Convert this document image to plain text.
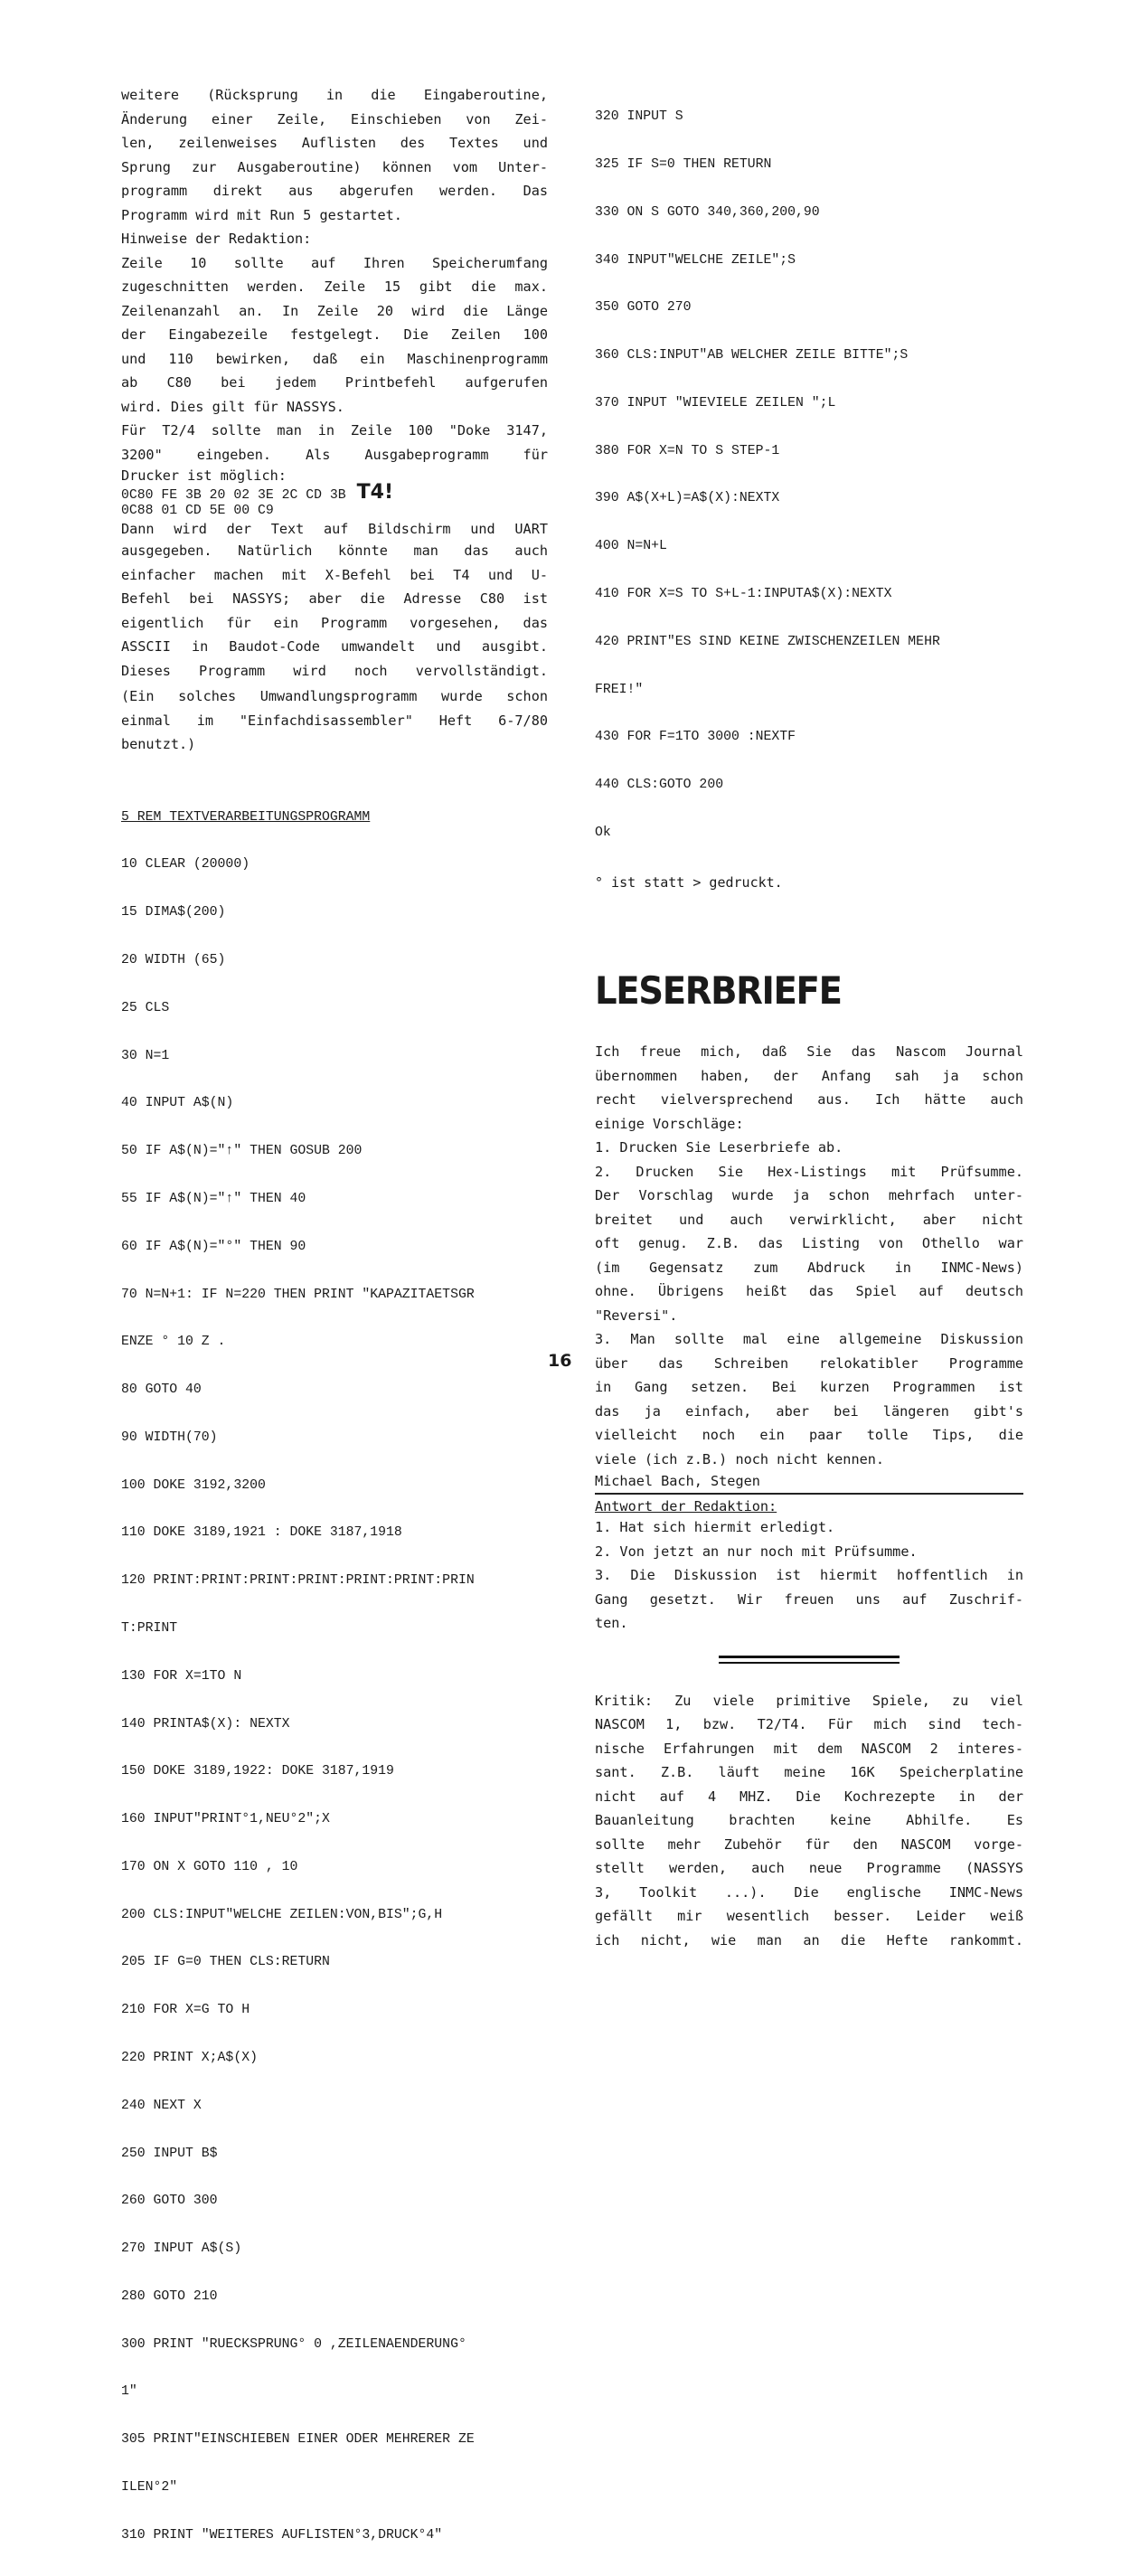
weitere (Rücksprung in die Eingaberoutine,

Änderung einer Zeile, Einschieben von Zei-

len, zeilenweises Auflisten des Textes und

Sprung zur Ausgaberoutine) können vom Unter-

programm direkt aus abgerufen werden. Das

Programm wird mit Run 5 gestartet.

Hinweise der Redaktion:

Zeile 10 sollte auf Ihren Speicherumfang

zugeschnitten werden. Zeile 15 gibt die max.

Zeilenanzahl an. In Zeile 20 wird die Länge

der Eingabezeile festgelegt. Die Zeilen 100

und 110 bewirken, daß ein Maschinenprogramm

ab C80 bei jedem Printbefehl aufgerufen

wird. Dies gilt für NASSYS.

Für T2/4 sollte man in Zeile 100 "Doke 3147,

3200" eingeben. Als Ausgabeprogramm für

Drucker ist möglich:

0C80 FE 3B 20 02 3E 2C CD 3B T4!
0C88 01 CD 5E 00 C9

Dann wird der Text auf Bildschirm und UART

ausgegeben. Natürlich könnte man das auch

einfacher machen mit X-Befehl bei T4 und U-

Befehl bei NASSYS; aber die Adresse C80 ist

eigentlich für ein Programm vorgesehen, das

ASSCII in Baudot-Code umwandelt und ausgibt.

Dieses Programm wird noch vervollständigt.

(Ein solches Umwandlungsprogramm wurde schon

einmal im "Einfachdisassembler" Heft 6-7/80

benutzt.)

5 REM TEXTVERARBEITUNGSPROGRAMM

10 CLEAR (20000)

15 DIMA$(200)

20 WIDTH (65)

25 CLS

30 N=1

40 INPUT A$(N)

50 IF A$(N)="↑" THEN GOSUB 200

55 IF A$(N)="↑" THEN 40

60 IF A$(N)="°" THEN 90

70 N=N+1: IF N=220 THEN PRINT "KAPAZITAETSGR

ENZE ° 10 Z .

80 GOTO 40

90 WIDTH(70)

100 DOKE 3192,3200

110 DOKE 3189,1921 : DOKE 3187,1918

120 PRINT:PRINT:PRINT:PRINT:PRINT:PRINT:PRIN

T:PRINT

130 FOR X=1TO N

140 PRINTA$(X): NEXTX

150 DOKE 3189,1922: DOKE 3187,1919

160 INPUT"PRINT°1,NEU°2";X

170 ON X GOTO 110 , 10

200 CLS:INPUT"WELCHE ZEILEN:VON,BIS";G,H

205 IF G=0 THEN CLS:RETURN

210 FOR X=G TO H

220 PRINT X;A$(X)

240 NEXT X

250 INPUT B$

260 GOTO 300

270 INPUT A$(S)

280 GOTO 210

300 PRINT "RUECKSPRUNG° 0 ,ZEILENAENDERUNG°

1"

305 PRINT"EINSCHIEBEN EINER ODER MEHRERER ZE

ILEN°2"

310 PRINT "WEITERES AUFLISTEN°3,DRUCK°4"

320 INPUT S

325 IF S=0 THEN RETURN

330 ON S GOTO 340,360,200,90

340 INPUT"WELCHE ZEILE";S

350 GOTO 270

360 CLS:INPUT"AB WELCHER ZEILE BITTE";S

370 INPUT "WIEVIELE ZEILEN ";L

380 FOR X=N TO S STEP-1

390 A$(X+L)=A$(X):NEXTX

400 N=N+L

410 FOR X=S TO S+L-1:INPUTA$(X):NEXTX

420 PRINT"ES SIND KEINE ZWISCHENZEILEN MEHR

FREI!"

430 FOR F=1TO 3000 :NEXTF

440 CLS:GOTO 200

Ok

° ist statt > gedruckt.

LESERBRIEFE

Ich freue mich, daß Sie das Nascom Journal

übernommen haben, der Anfang sah ja schon

recht vielversprechend aus. Ich hätte auch

einige Vorschläge:

1. Drucken Sie Leserbriefe ab.

2. Drucken Sie Hex-Listings mit Prüfsumme.

Der Vorschlag wurde ja schon mehrfach unter-

breitet und auch verwirklicht, aber nicht

oft genug. Z.B. das Listing von Othello war

(im Gegensatz zum Abdruck in INMC-News)

ohne. Übrigens heißt das Spiel auf deutsch

"Reversi".

3. Man sollte mal eine allgemeine Diskussion

über das Schreiben relokatibler Programme

in Gang setzen. Bei kurzen Programmen ist

das ja einfach, aber bei längeren gibt's

vielleicht noch ein paar tolle Tips, die

viele (ich z.B.) noch nicht kennen.

Michael Bach, Stegen

Antwort der Redaktion:

1. Hat sich hiermit erledigt.

2. Von jetzt an nur noch mit Prüfsumme.

3. Die Diskussion ist hiermit hoffentlich in

Gang gesetzt. Wir freuen uns auf Zuschrif-

ten.

Kritik: Zu viele primitive Spiele, zu viel

NASCOM 1, bzw. T2/T4. Für mich sind tech-

nische Erfahrungen mit dem NASCOM 2 interes-

sant. Z.B. läuft meine 16K Speicherplatine

nicht auf 4 MHZ. Die Kochrezepte in der

Bauanleitung brachten keine Abhilfe. Es

sollte mehr Zubehör für den NASCOM vorge-

stellt werden, auch neue Programme (NASSYS

3, Toolkit ...). Die englische INMC-News

gefällt mir wesentlich besser. Leider weiß

ich nicht, wie man an die Hefte rankommt.

16
